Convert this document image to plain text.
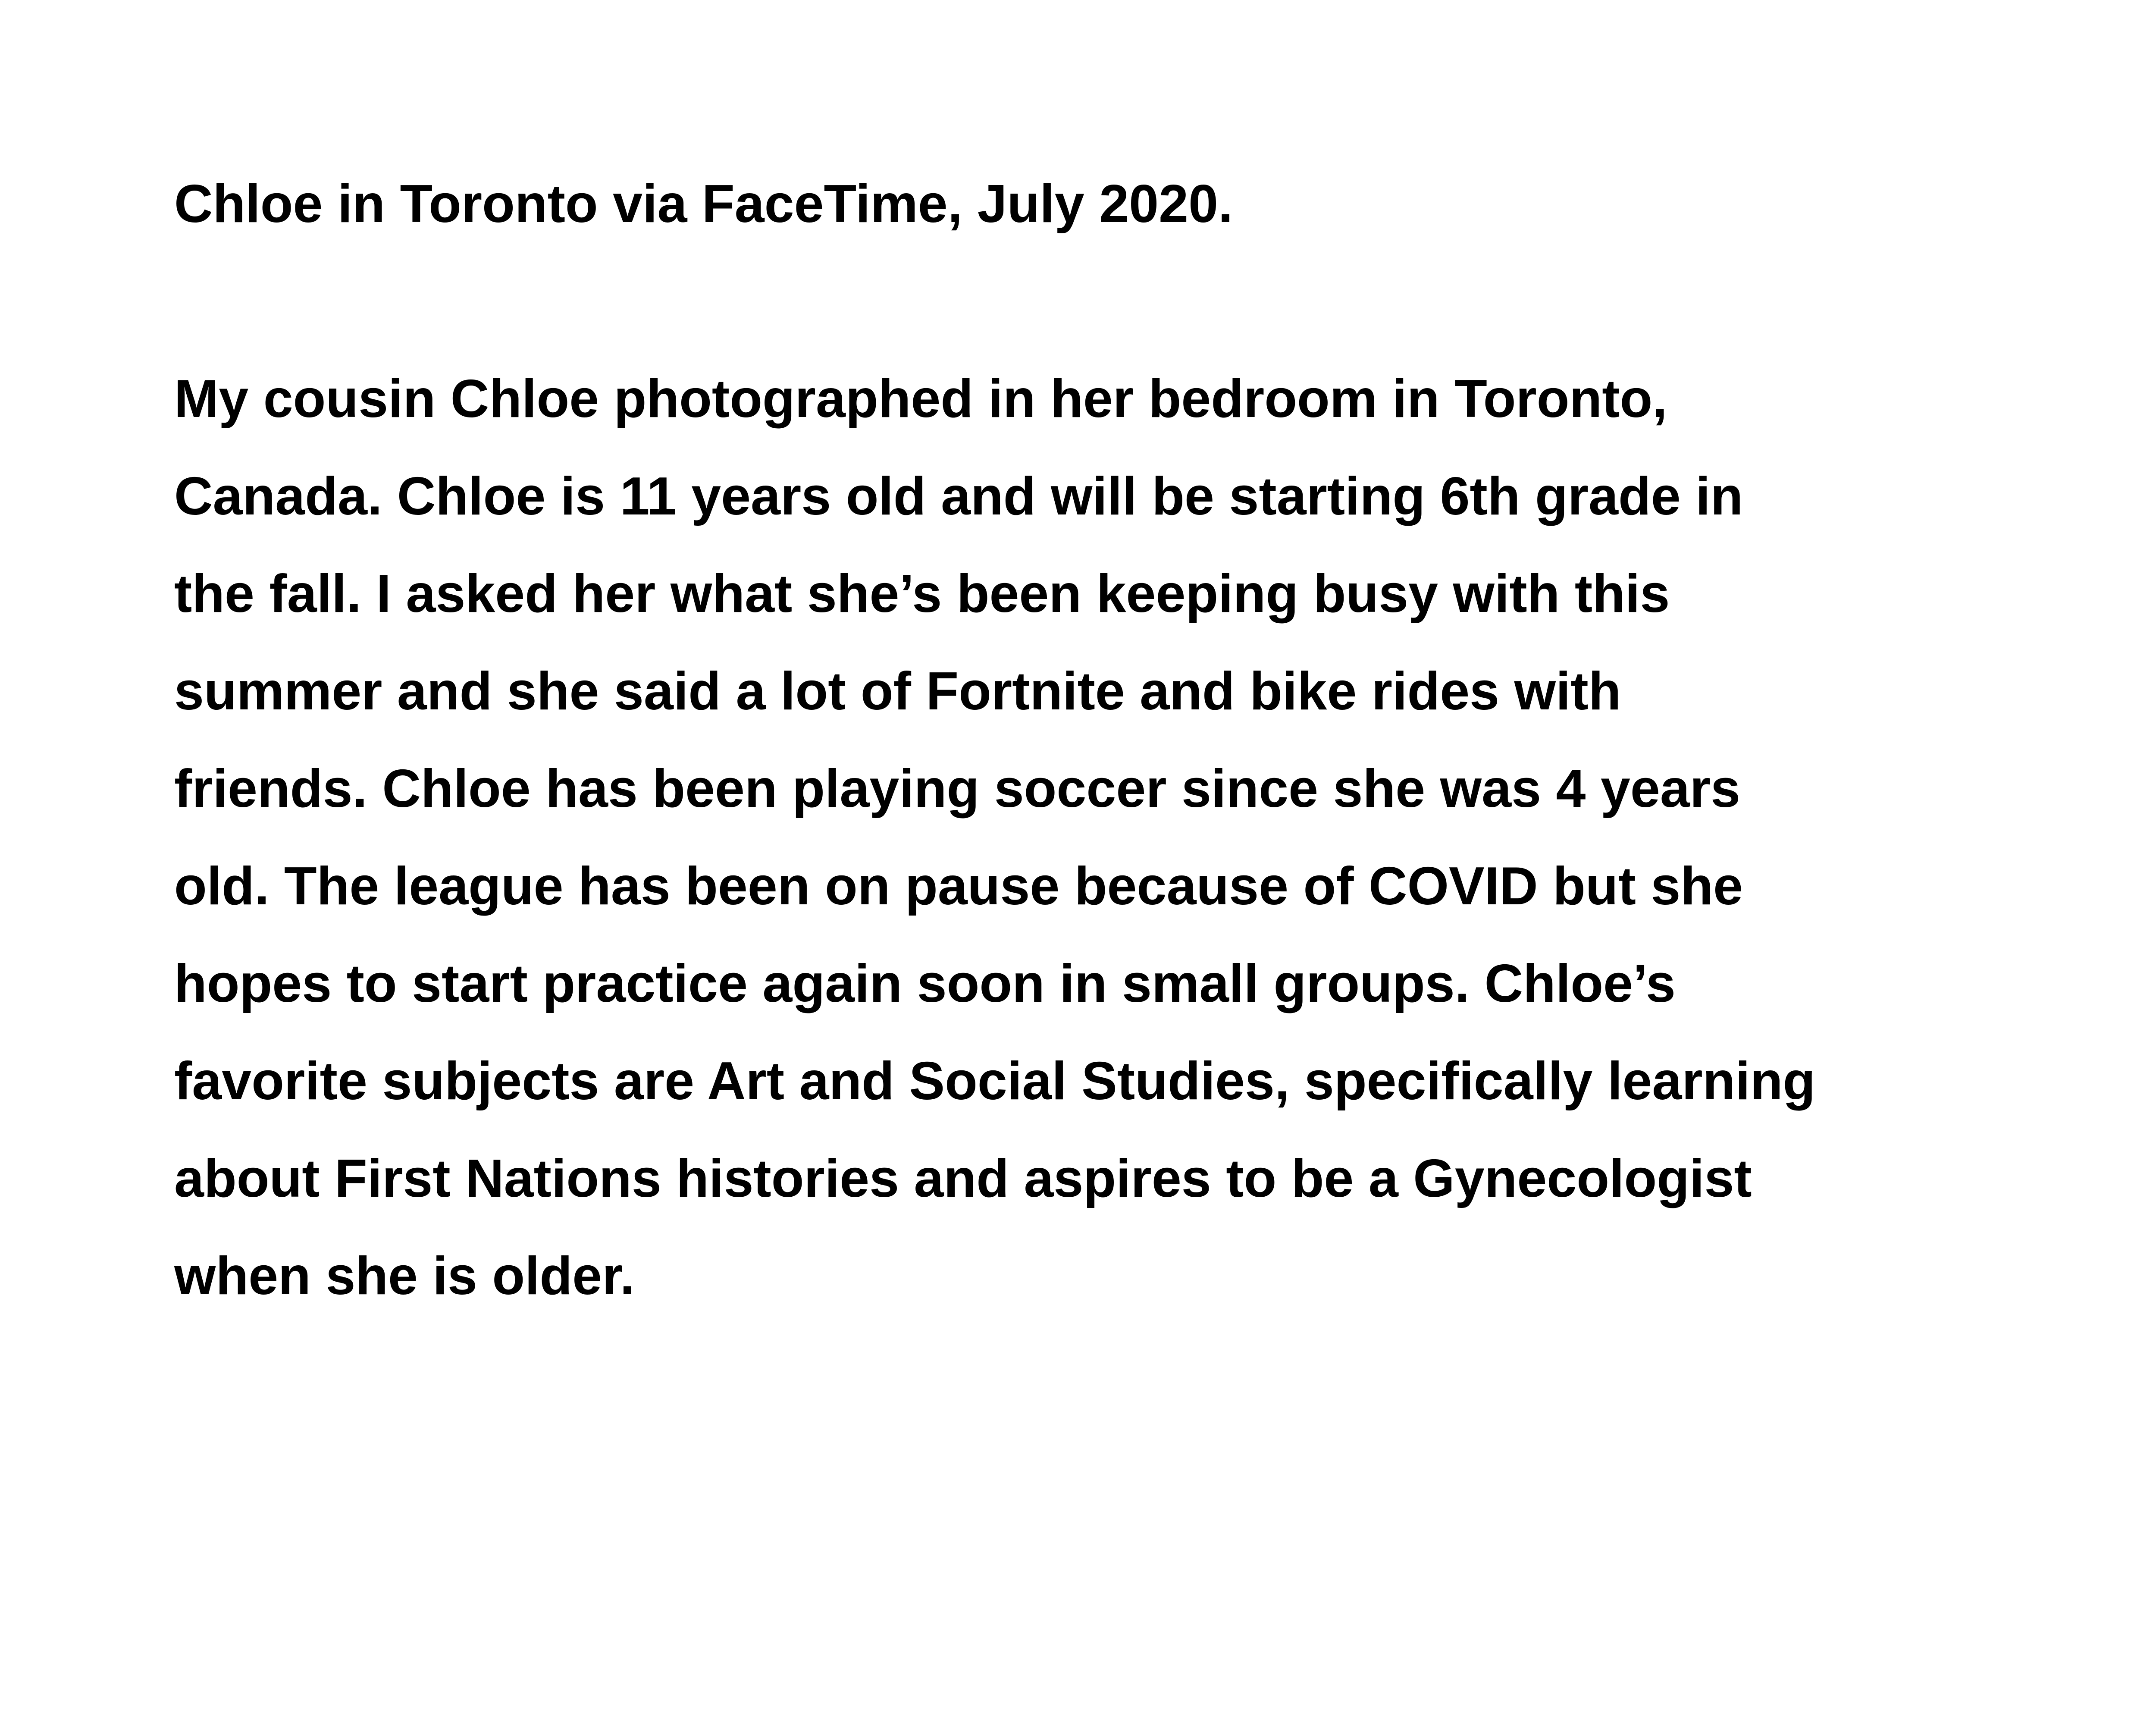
Chloe in Toronto via FaceTime, July 2020.
My cousin Chloe photographed in her bedroom in Toronto,
Canada. Chloe is 11 years old and will be starting 6th grade in
the fall. I asked her what she’s been keeping busy with this
summer and she said a lot of Fortnite and bike rides with
friends. Chloe has been playing soccer since she was 4 years
old. The league has been on pause because of COVID but she
hopes to start practice again soon in small groups. Chloe’s
favorite subjects are Art and Social Studies, specifically learning
about First Nations histories and aspires to be a Gynecologist
when she is older.
